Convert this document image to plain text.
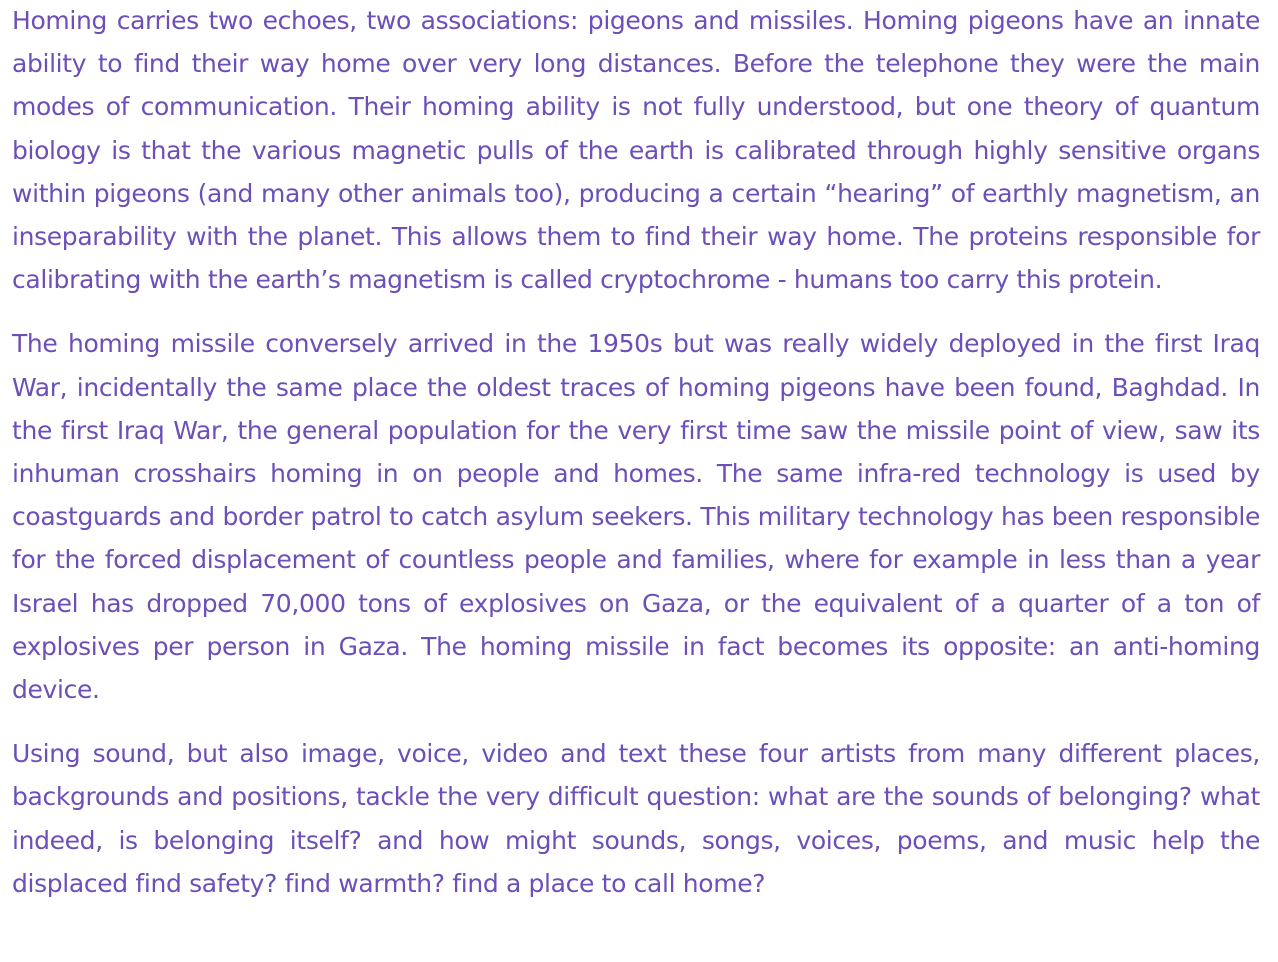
Homing carries two echoes, two associations: pigeons and missiles. Homing pigeons have an innate ability to find their way home over very long distances. Before the telephone they were the main modes of communication. Their homing ability is not fully understood, but one theory of quantum biology is that the various magnetic pulls of the earth is calibrated through highly sensitive organs within pigeons (and many other animals too), producing a certain “hearing” of earthly magnetism, an inseparability with the planet. This allows them to find their way home. The proteins responsible for calibrating with the earth’s magnetism is called cryptochrome - humans too carry this protein.

The homing missile conversely arrived in the 1950s but was really widely deployed in the first Iraq War, incidentally the same place the oldest traces of homing pigeons have been found, Baghdad. In the first Iraq War, the general population for the very first time saw the missile point of view, saw its inhuman crosshairs homing in on people and homes. The same infra-red technology is used by coastguards and border patrol to catch asylum seekers. This military technology has been responsible for the forced displacement of countless people and families, where for example in less than a year Israel has dropped 70,000 tons of explosives on Gaza, or the equivalent of a quarter of a ton of explosives per person in Gaza. The homing missile in fact becomes its opposite: an anti-homing device.

Using sound, but also image, voice, video and text these four artists from many different places, backgrounds and positions, tackle the very difficult question: what are the sounds of belonging? what indeed, is belonging itself? and how might sounds, songs, voices, poems, and music help the displaced find safety? find warmth? find a place to call home?
